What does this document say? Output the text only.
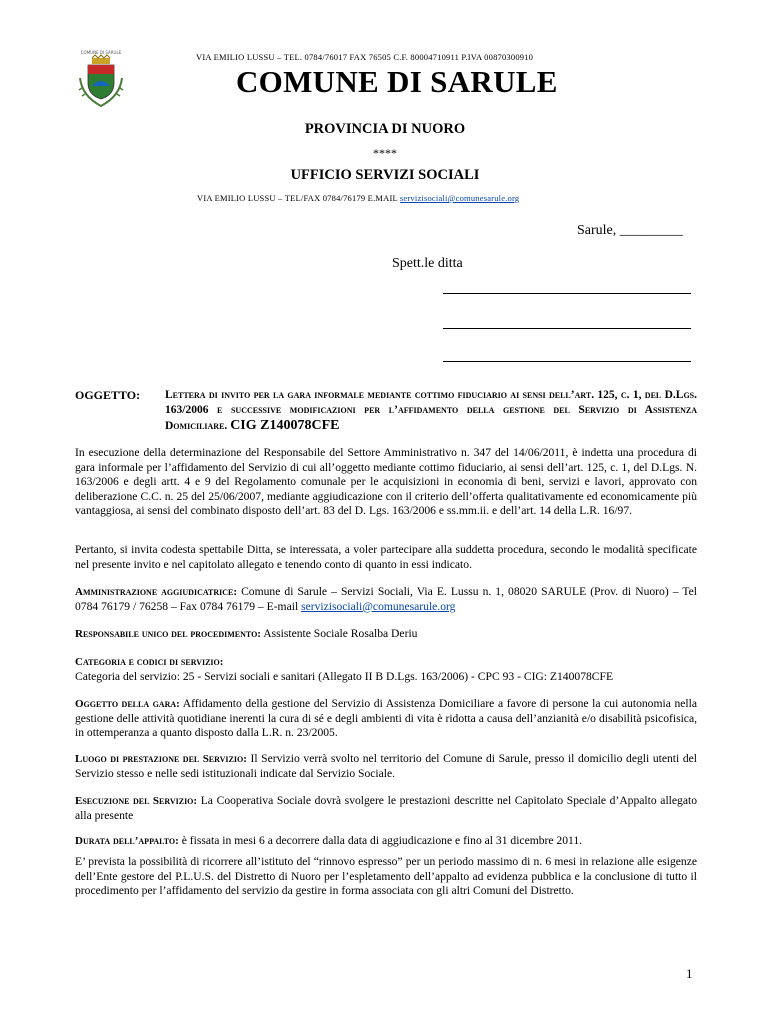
COMUNE DI SARULE	VIA EMILIO LUSSU – TEL. 0784/76017 FAX 76505 C.F. 80004710911 P.IVA 00870300910
COMUNE DI SARULE
PROVINCIA DI NUORO
****
UFFICIO SERVIZI SOCIALI
VIA EMILIO LUSSU – TEL/FAX 0784/76179 E.MAIL servizisociali@comunesarule.org
Sarule, _________
Spett.le ditta
OGGETTO: Lettera di invito per la gara informale mediante cottimo fiduciario ai sensi dell’art. 125, c. 1, del D.Lgs. 163/2006 e successive modificazioni per l’affidamento della gestione del Servizio di Assistenza Domiciliare. CIG Z140078CFE

In esecuzione della determinazione del Responsabile del Settore Amministrativo n. 347 del 14/06/2011, è indetta una procedura di gara informale per l’affidamento del Servizio di cui all’oggetto mediante cottimo fiduciario, ai sensi dell’art. 125, c. 1, del D.Lgs. N. 163/2006 e degli artt. 4 e 9 del Regolamento comunale per le acquisizioni in economia di beni, servizi e lavori, approvato con deliberazione C.C. n. 25 del 25/06/2007, mediante aggiudicazione con il criterio dell’offerta qualitativamente ed economicamente più vantaggiosa, ai sensi del combinato disposto dell’art. 83 del D. Lgs. 163/2006 e ss.mm.ii. e dell’art. 14 della L.R. 16/97.

Pertanto, si invita codesta spettabile Ditta, se interessata, a voler partecipare alla suddetta procedura, secondo le modalità specificate nel presente invito e nel capitolato allegato e tenendo conto di quanto in essi indicato.

Amministrazione aggiudicatrice: Comune di Sarule – Servizi Sociali, Via E. Lussu n. 1, 08020 SARULE (Prov. di Nuoro) – Tel 0784 76179 / 76258 – Fax 0784 76179 – E-mail servizisociali@comunesarule.org

Responsabile unico del procedimento: Assistente Sociale Rosalba Deriu

Categoria e codici di servizio:
Categoria del servizio: 25 - Servizi sociali e sanitari (Allegato II B D.Lgs. 163/2006) - CPC 93 - CIG: Z140078CFE

Oggetto della gara: Affidamento della gestione del Servizio di Assistenza Domiciliare a favore di persone la cui autonomia nella gestione delle attività quotidiane inerenti la cura di sé e degli ambienti di vita è ridotta a causa dell’anzianità e/o disabilità psicofisica, in ottemperanza a quanto disposto dalla L.R. n. 23/2005.

Luogo di prestazione del Servizio: Il Servizio verrà svolto nel territorio del Comune di Sarule, presso il domicilio degli utenti del Servizio stesso e nelle sedi istituzionali indicate dal Servizio Sociale.

Esecuzione del Servizio: La Cooperativa Sociale dovrà svolgere le prestazioni descritte nel Capitolato Speciale d’Appalto allegato alla presente

Durata dell’appalto: è fissata in mesi 6 a decorrere dalla data di aggiudicazione e fino al 31 dicembre 2011.

E’ prevista la possibilità di ricorrere all’istituto del “rinnovo espresso” per un periodo massimo di n. 6 mesi in relazione alle esigenze dell’Ente gestore del P.L.U.S. del Distretto di Nuoro per l’espletamento dell’appalto ad evidenza pubblica e la conclusione di tutto il procedimento per l’affidamento del servizio da gestire in forma associata con gli altri Comuni del Distretto.

1
